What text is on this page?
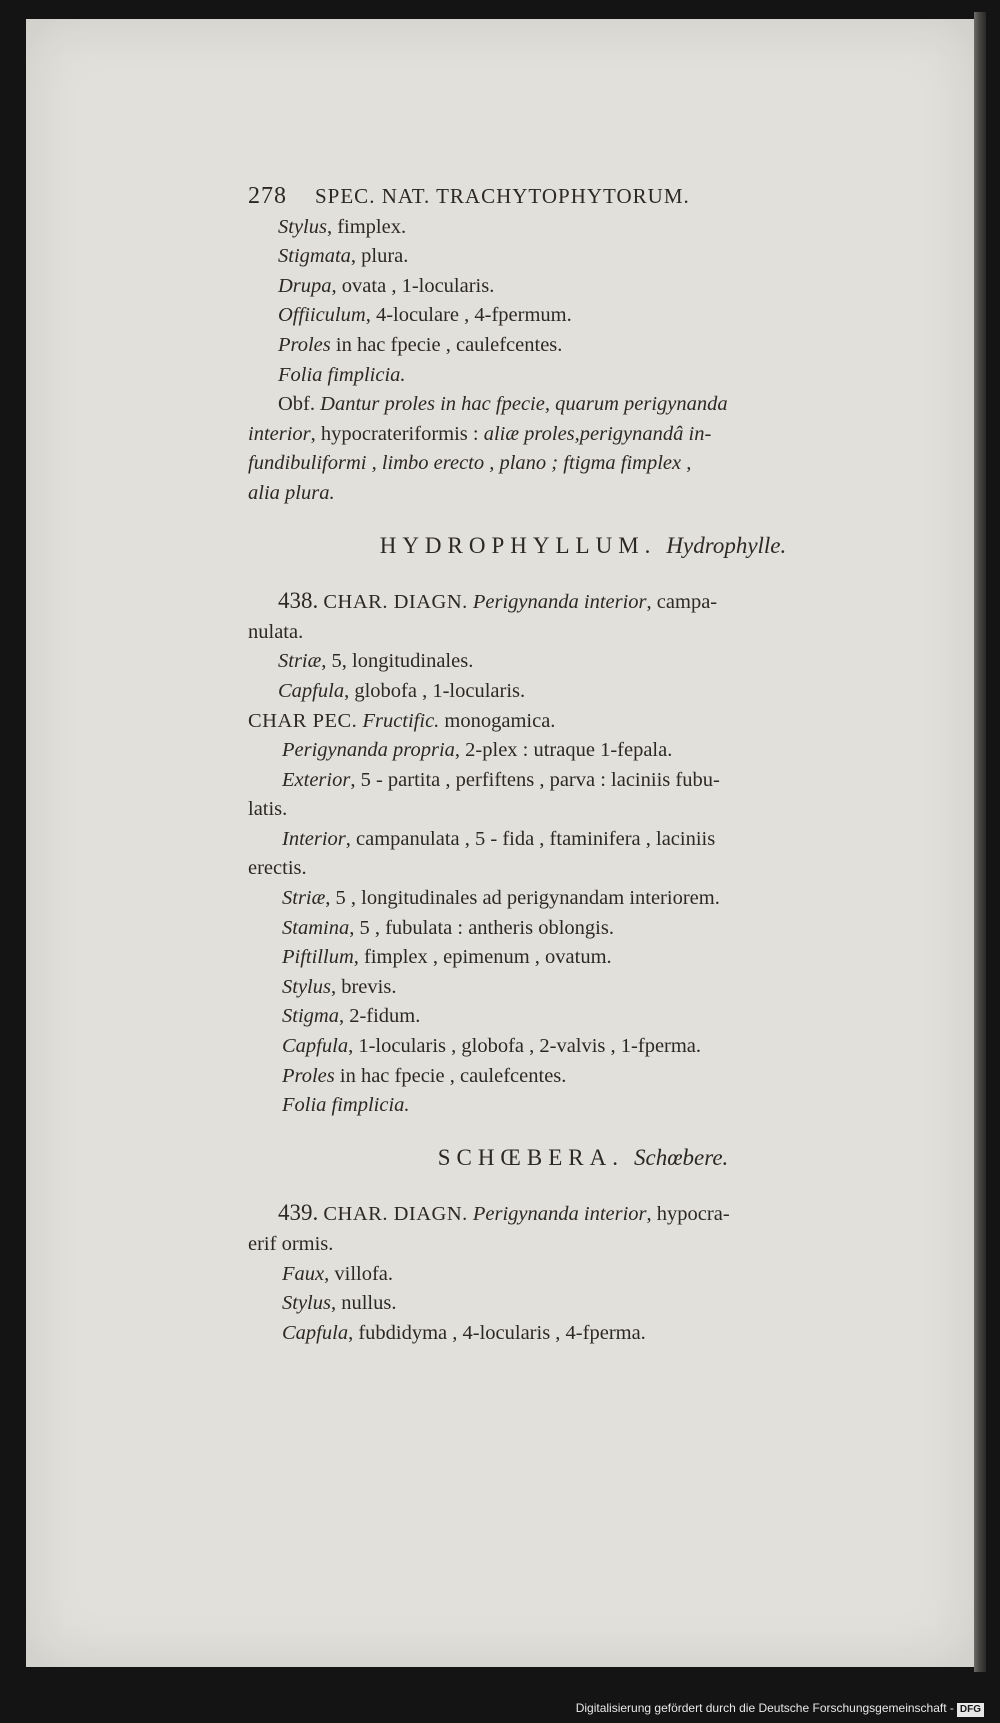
278 SPEC. NAT. TRACHYTOPHYTORUM.
Stylus, fimplex.
Stigmata, plura.
Drupa, ovata , 1-locularis.
Offiiculum, 4-loculare , 4-fpermum.
Proles in hac fpecie , caulefcentes.
Folia fimplicia.
Obf. Dantur proles in hac fpecie, quarum perigynanda
interior, hypocrateriformis : aliæ proles,perigynandâ in-
fundibuliformi , limbo erecto , plano ; ftigma fimplex ,
alia plura.
HYDROPHYLLUM. Hydrophylle.
438. CHAR. DIAGN. Perigynanda interior, campa-
nulata.
Striæ, 5, longitudinales.
Capfula, globofa , 1-locularis.
CHAR PEC. Fructific. monogamica.
Perigynanda propria, 2-plex : utraque 1-fepala.
Exterior, 5 - partita , perfiftens , parva : laciniis fubu-
latis.
Interior, campanulata , 5 - fida , ftaminifera , laciniis
erectis.
Striæ, 5 , longitudinales ad perigynandam interiorem.
Stamina, 5 , fubulata : antheris oblongis.
Piftillum, fimplex , epimenum , ovatum.
Stylus, brevis.
Stigma, 2-fidum.
Capfula, 1-locularis , globofa , 2-valvis , 1-fperma.
Proles in hac fpecie , caulefcentes.
Folia fimplicia.
SCHŒBERA. Schœbere.
439. CHAR. DIAGN. Perigynanda interior, hypocra-
erif ormis.
Faux, villofa.
Stylus, nullus.
Capfula, fubdidyma , 4-locularis , 4-fperma.
Digitalisierung gefördert durch die Deutsche Forschungsgemeinschaft - DFG
